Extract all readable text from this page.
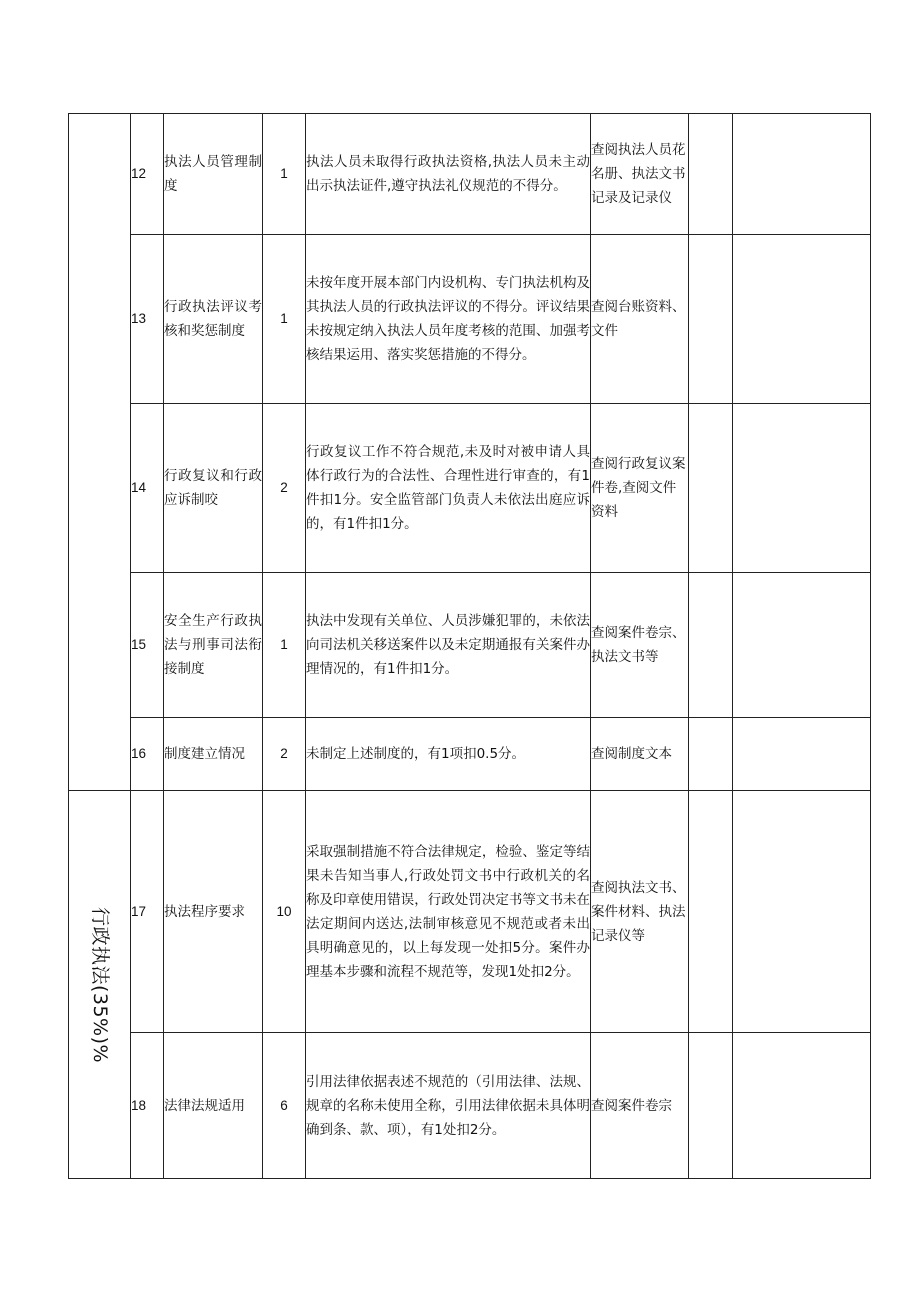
	12	执法人员管理制度	1	执法人员未取得行政执法资格,执法人员未主动出示执法证件,遵守执法礼仪规范的不得分。	查阅执法人员花名册、执法文书记录及记录仪		
	13	行政执法评议考核和奖惩制度	1	未按年度开展本部门内设机构、专门执法机构及其执法人员的行政执法评议的不得分。评议结果未按规定纳入执法人员年度考核的范围、加强考核结果运用、落实奖惩措施的不得分。	查阅台账资料、文件		
	14	行政复议和行政应诉制咬	2	行政复议工作不符合规范,未及时对被申请人具体行政行为的合法性、合理性进行审查的，有1件扣1分。安全监管部门负责人未依法出庭应诉的，有1件扣1分。	查阅行政复议案件卷,查阅文件资料		
	15	安全生产行政执法与刑事司法衔接制度	1	执法中发现有关单位、人员涉嫌犯罪的，未依法向司法机关移送案件以及未定期通报有关案件办理情况的，有1件扣1分。	查阅案件卷宗、执法文书等		
	16	制度建立情况	2	未制定上述制度的，有1项扣0.5分。	查阅制度文本		

行政执法(35%)%	17	执法程序要求	10	采取强制措施不符合法律规定，检验、鉴定等结果未告知当事人,行政处罚文书中行政机关的名称及印章使用错误，行政处罚决定书等文书未在法定期间内送达,法制审核意见不规范或者未出具明确意见的，以上每发现一处扣5分。案件办理基本步骤和流程不规范等，发现1处扣2分。	查阅执法文书、案件材料、执法记录仪等		
	18	法律法规适用	6	引用法律依据表述不规范的（引用法律、法规、规章的名称未使用全称，引用法律依据未具体明确到条、款、项），有1处扣2分。	查阅案件卷宗		
